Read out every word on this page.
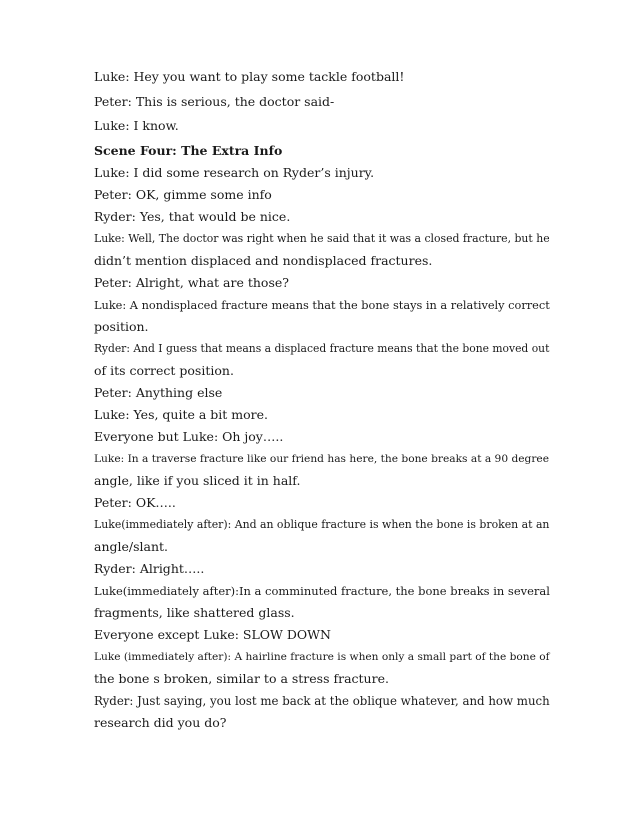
Luke: Hey you want to play some tackle football!
Peter: This is serious, the doctor said-
Luke: I know.
Scene Four: The Extra Info
Luke: I did some research on Ryder’s injury.
Peter: OK, gimme some info
Ryder: Yes, that would be nice.
Luke: Well, The doctor was right when he said that it was a closed fracture, but he
didn’t mention displaced and nondisplaced fractures.
Peter: Alright, what are those?
Luke: A nondisplaced fracture means that the bone stays in a relatively correct
position.
Ryder: And I guess that means a displaced fracture means that the bone moved out
of its correct position.
Peter: Anything else
Luke: Yes, quite a bit more.
Everyone but Luke: Oh joy…..
Luke: In a traverse fracture like our friend has here, the bone breaks at a 90 degree
angle, like if you sliced it in half.
Peter: OK…..
Luke(immediately after): And an oblique fracture is when the bone is broken at an
angle/slant.
Ryder: Alright…..
Luke(immediately after):In a comminuted fracture, the bone breaks in several
fragments, like shattered glass.
Everyone except Luke: SLOW DOWN
Luke (immediately after): A hairline fracture is when only a small part of the bone of
the bone s broken, similar to a stress fracture.
Ryder: Just saying, you lost me back at the oblique whatever, and how much
research did you do?
